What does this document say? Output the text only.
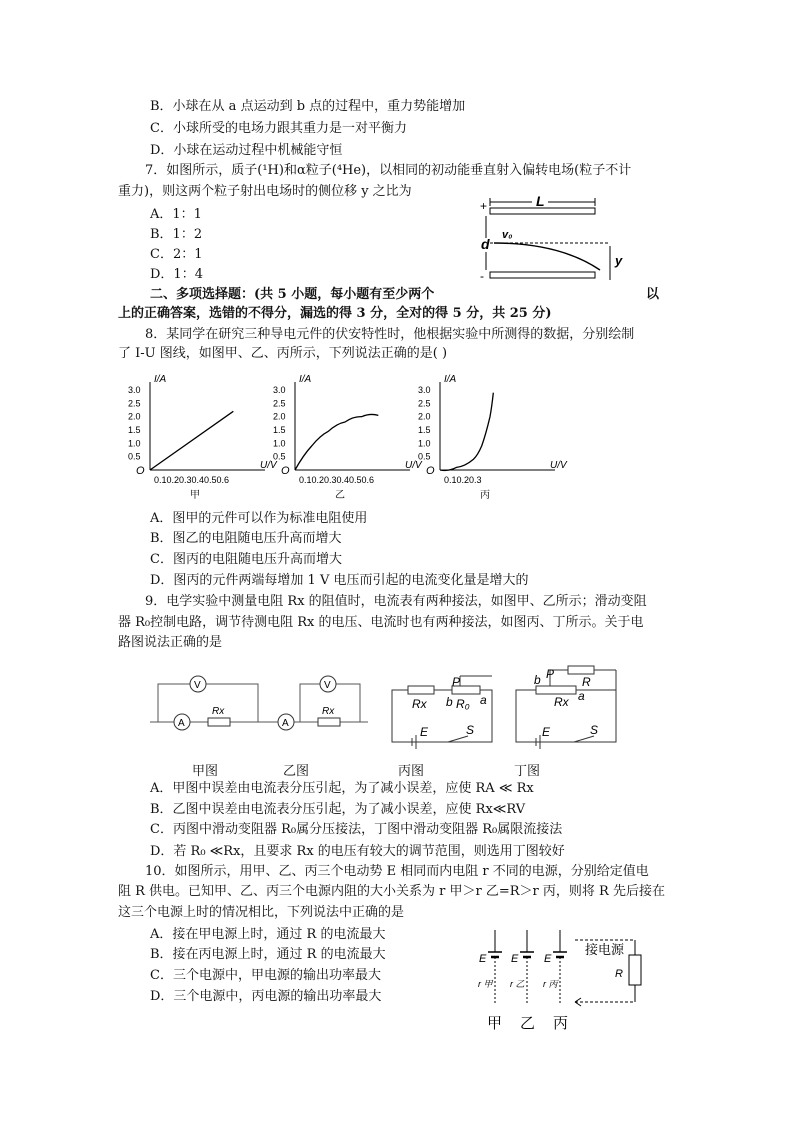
B．小球在从 a 点运动到 b 点的过程中，重力势能增加
C．小球所受的电场力跟其重力是一对平衡力
D．小球在运动过程中机械能守恒
7．如图所示，质子(¹H)和α粒子(⁴He)，以相同的初动能垂直射入偏转电场(粒子不计
重力)，则这两个粒子射出电场时的侧位移 y 之比为
A．1：1
B．1：2
C．2：1
D．1：4
+
-
L
d
v₀
y
二、多项选择题：(共 5 小题，每小题有至少两个	以
上的正确答案，选错的不得分，漏选的得 3 分，全对的得 5 分，共 25 分)
8．某同学在研究三种导电元件的伏安特性时，他根据实验中所测得的数据，分别绘制
了 I-U 图线，如图甲、乙、丙所示，下列说法正确的是( )
I/A
U/V
O
3.0
2.5
2.0
1.5
1.0
0.5
0.10.20.30.40.50.6
甲
I/A
U/V
O
3.0
2.5
2.0
1.5
1.0
0.5
0.10.20.30.40.50.6
乙
I/A
U/V
O
3.0
2.5
2.0
1.5
1.0
0.5
0.10.20.3
丙
A．图甲的元件可以作为标准电阻使用
B．图乙的电阻随电压升高而增大
C．图丙的电阻随电压升高而增大
D．图丙的元件两端每增加 1 V 电压而引起的电流变化量是增大的
9．电学实验中测量电阻 Rx 的阻值时，电流表有两种接法，如图甲、乙所示；滑动变阻
器 R₀控制电路，调节待测电阻 Rx 的电压、电流时也有两种接法，如图丙、丁所示。关于电
路图说法正确的是
V
A
Rx
V
A
Rx
Rx
P
b R₀ a
E	S
P
R
b
Rx a
E	S
甲图	乙图	丙图	丁图
A．甲图中误差由电流表分压引起，为了减小误差，应使 RA ≪ Rx
B．乙图中误差由电流表分压引起，为了减小误差，应使 Rx≪RV
C．丙图中滑动变阻器 R₀属分压接法，丁图中滑动变阻器 R₀属限流接法
D．若 R₀ ≪Rx，且要求 Rx 的电压有较大的调节范围，则选用丁图较好
10．如图所示，用甲、乙、丙三个电动势 E 相同而内电阻 r 不同的电源，分别给定值电
阻 R 供电。已知甲、乙、丙三个电源内阻的大小关系为 r 甲＞r 乙=R＞r 丙，则将 R 先后接在
这三个电源上时的情况相比，下列说法中正确的是
A．接在甲电源上时，通过 R 的电流最大
B．接在丙电源上时，通过 R 的电流最大
C．三个电源中，甲电源的输出功率最大
D．三个电源中，丙电源的输出功率最大
E
r 甲
甲
E
r 乙
乙
E
r 丙
丙
接电源
R
